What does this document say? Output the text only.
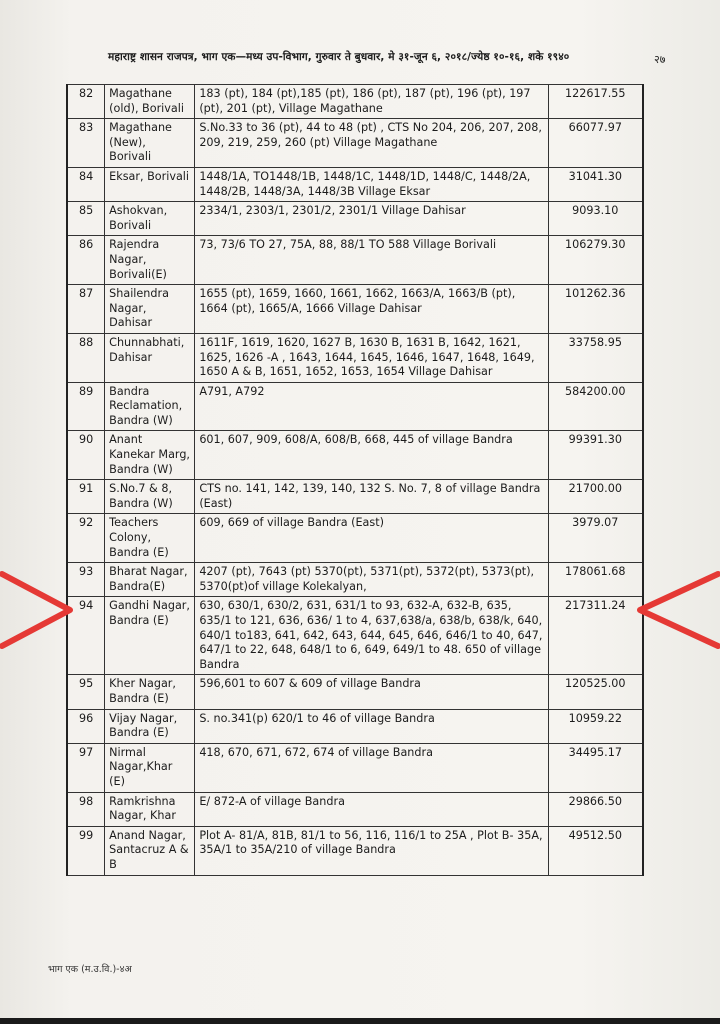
महाराष्ट्र शासन राजपत्र, भाग एक—मध्य उप-विभाग, गुरुवार ते बुधवार, मे ३१-जून ६, २०१८/ज्येष्ठ १०-१६, शके १९४०	२७
82	Magathane (old), Borivali	183 (pt), 184 (pt),185 (pt), 186 (pt), 187 (pt), 196 (pt), 197 (pt), 201 (pt), Village Magathane	122617.55
83	Magathane (New), Borivali	S.No.33 to 36 (pt), 44 to 48 (pt) , CTS No 204, 206, 207, 208, 209, 219, 259, 260 (pt) Village Magathane	66077.97
84	Eksar, Borivali	1448/1A, TO1448/1B, 1448/1C, 1448/1D, 1448/C, 1448/2A, 1448/2B, 1448/3A, 1448/3B Village Eksar	31041.30
85	Ashokvan, Borivali	2334/1, 2303/1, 2301/2, 2301/1 Village Dahisar	9093.10
86	Rajendra Nagar, Borivali(E)	73, 73/6 TO 27, 75A, 88, 88/1 TO 588 Village Borivali	106279.30
87	Shailendra Nagar, Dahisar	1655 (pt), 1659, 1660, 1661, 1662, 1663/A, 1663/B (pt), 1664 (pt), 1665/A, 1666 Village Dahisar	101262.36
88	Chunnabhati, Dahisar	1611F, 1619, 1620, 1627 B, 1630 B, 1631 B, 1642, 1621, 1625, 1626 -A , 1643, 1644, 1645, 1646, 1647, 1648, 1649, 1650 A & B, 1651, 1652, 1653, 1654 Village Dahisar	33758.95
89	Bandra Reclamation, Bandra (W)	A791, A792	584200.00
90	Anant Kanekar Marg, Bandra (W)	601, 607, 909, 608/A, 608/B, 668, 445 of village Bandra	99391.30
91	S.No.7 & 8, Bandra (W)	CTS no. 141, 142, 139, 140, 132 S. No. 7, 8 of village Bandra (East)	21700.00
92	Teachers Colony, Bandra (E)	609, 669 of village Bandra (East)	3979.07
93	Bharat Nagar, Bandra(E)	4207 (pt), 7643 (pt) 5370(pt), 5371(pt), 5372(pt), 5373(pt), 5370(pt)of village Kolekalyan,	178061.68
94	Gandhi Nagar, Bandra (E)	630, 630/1, 630/2, 631, 631/1 to 93, 632-A, 632-B, 635, 635/1 to 121, 636, 636/ 1 to 4, 637,638/a, 638/b, 638/k, 640, 640/1 to183, 641, 642, 643, 644, 645, 646, 646/1 to 40, 647, 647/1 to 22, 648, 648/1 to 6, 649, 649/1 to 48. 650 of village Bandra	217311.24
95	Kher Nagar, Bandra (E)	596,601 to 607 & 609 of village Bandra	120525.00
96	Vijay Nagar, Bandra (E)	S. no.341(p) 620/1 to 46 of village Bandra	10959.22
97	Nirmal Nagar,Khar (E)	418, 670, 671, 672, 674 of village Bandra	34495.17
98	Ramkrishna Nagar, Khar	E/ 872-A of village Bandra	29866.50
99	Anand Nagar, Santacruz A & B	Plot A- 81/A, 81B, 81/1 to 56, 116, 116/1 to 25A , Plot B- 35A, 35A/1 to 35A/210 of village Bandra	49512.50
भाग एक (म.उ.वि.)-४अ
